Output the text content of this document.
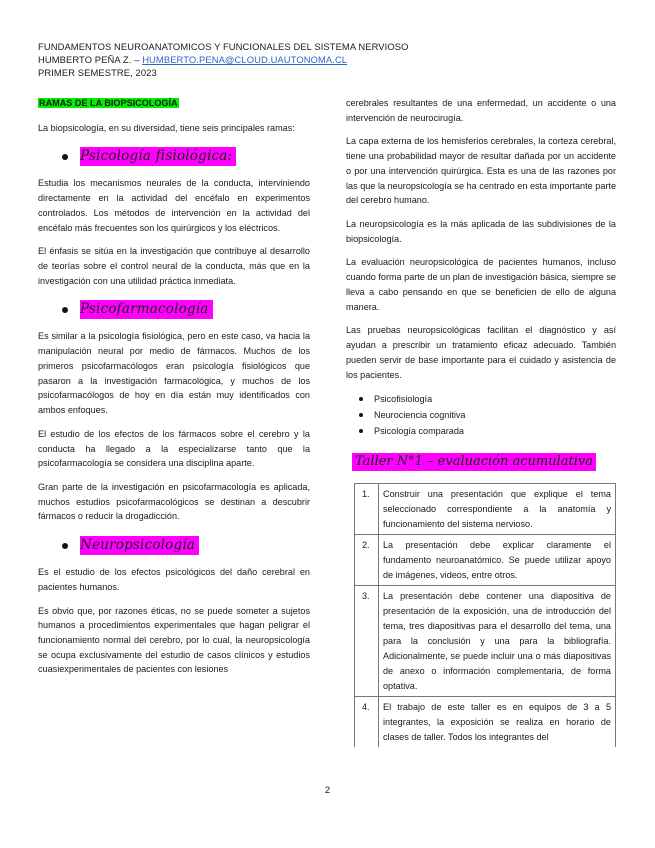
FUNDAMENTOS NEUROANATOMICOS Y FUNCIONALES DEL SISTEMA NERVIOSO
HUMBERTO PEÑA Z. – HUMBERTO.PENA@CLOUD.UAUTONOMA.CL
PRIMER SEMESTRE, 2023

RAMAS DE LA BIOPSICOLOGÍA

La biopsicología, en su diversidad, tiene seis principales ramas:

Psicología fisiológica:

Estudia los mecanismos neurales de la conducta, interviniendo directamente en la actividad del encéfalo en experimentos controlados. Los métodos de intervención en la actividad del encéfalo más frecuentes son los quirúrgicos y los eléctricos.

El énfasis se sitúa en la investigación que contribuye al desarrollo de teorías sobre el control neural de la conducta, más que en la investigación con una utilidad práctica inmediata.

Psicofarmacología

Es similar a la psicología fisiológica, pero en este caso, va hacia la manipulación neural por medio de fármacos. Muchos de los primeros psicofarmacólogos eran psicología fisiológicos que pasaron a la investigación farmacológica, y muchos de los psicofarmacólogos de hoy en día están muy identificados con ambos enfoques.

El estudio de los efectos de los fármacos sobre el cerebro y la conducta ha llegado a la especializarse tanto que la psicofarmacología se considera una disciplina aparte.

Gran parte de la investigación en psicofarmacología es aplicada, muchos estudios psicofarmacológicos se destinan a descubrir fármacos o reducir la drogadicción.

Neuropsicología

Es el estudio de los efectos psicológicos del daño cerebral en pacientes humanos.

Es obvio que, por razones éticas, no se puede someter a sujetos humanos a procedimientos experimentales que hagan peligrar el funcionamiento normal del cerebro, por lo cual, la neuropsicología se ocupa exclusivamente del estudio de casos clínicos y estudios cuasiexperimentales de pacientes con lesiones

cerebrales resultantes de una enfermedad, un accidente o una intervención de neurocirugía.

La capa externa de los hemisferios cerebrales, la corteza cerebral, tiene una probabilidad mayor de resultar dañada por un accidente o por una intervención quirúrgica. Esta es una de las razones por las que la neuropsicología se ha centrado en esta importante parte del cerebro humano.

La neuropsicología es la más aplicada de las subdivisiones de la biopsicología.

La evaluación neuropsicológica de pacientes humanos, incluso cuando forma parte de un plan de investigación básica, siempre se lleva a cabo pensando en que se beneficien de ello de alguna manera.

Las pruebas neuropsicológicas facilitan el diagnóstico y así ayudan a prescribir un tratamiento eficaz adecuado. También pueden servir de base importante para el cuidado y asistencia de los pacientes.

Psicofisiología
Neurociencia cognitiva
Psicología comparada
Taller N°1 – evaluación acumulativa
1.	Construir una presentación que explique el tema seleccionado correspondiente a la anatomía y funcionamiento del sistema nervioso.
2.	La presentación debe explicar claramente el fundamento neuroanatómico. Se puede utilizar apoyo de imágenes, videos, entre otros.
3.	La presentación debe contener una diapositiva de presentación de la exposición, una de introducción del tema, tres diapositivas para el desarrollo del tema, una para la conclusión y una para la bibliografía. Adicionalmente, se puede incluir una o más diapositivas de anexo o información complementaria, de forma optativa.
4.	El trabajo de este taller es en equipos de 3 a 5 integrantes, la exposición se realiza en horario de clases de taller. Todos los integrantes del
2
